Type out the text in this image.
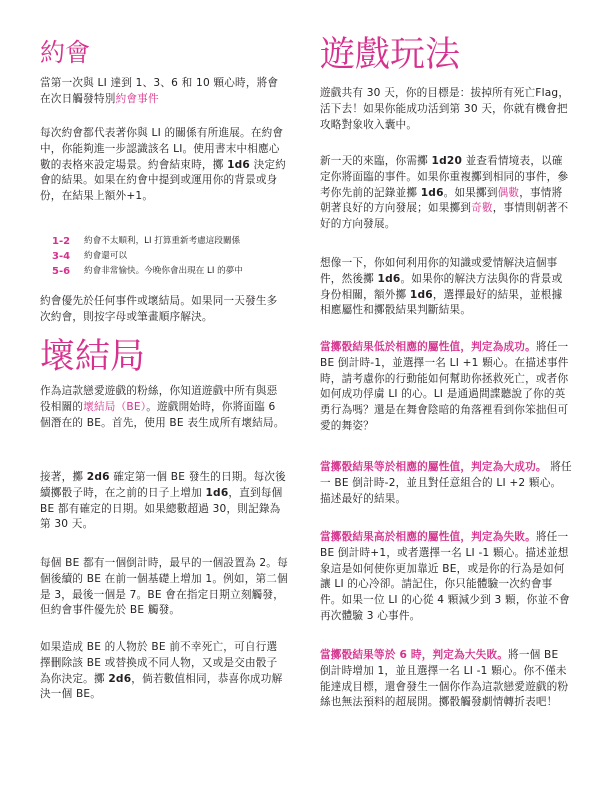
約會

當第一次與 LI 達到 1、3、6 和 10 顆心時，將會在次日觸發特別約會事件

每次約會都代表著你與 LI 的關係有所進展。在約會中，你能夠進一步認識該名 LI。使用書末中相應心數的表格來設定場景。約會結束時，擲 1d6 決定約會的結果。如果在約會中提到或運用你的背景或身份，在結果上額外+1。

1-2	約會不太順利，LI 打算重新考慮這段關係
3-4	約會還可以
5-6	約會非常愉快。今晚你會出現在 LI 的夢中

約會優先於任何事件或壞結局。如果同一天發生多次約會，則按字母或筆畫順序解決。

壞結局

作為這款戀愛遊戲的粉絲，你知道遊戲中所有與惡役相關的壞結局（BE）。遊戲開始時，你將面臨 6 個潛在的 BE。首先，使用 BE 表生成所有壞結局。

接著，擲 2d6 確定第一個 BE 發生的日期。每次後續擲骰子時，在之前的日子上增加 1d6，直到每個 BE 都有確定的日期。如果總數超過 30，則記錄為第 30 天。

每個 BE 都有一個倒計時，最早的一個設置為 2。每個後續的 BE 在前一個基礎上增加 1。例如，第二個是 3，最後一個是 7。BE 會在指定日期立刻觸發，但約會事件優先於 BE 觸發。

如果造成 BE 的人物於 BE 前不幸死亡，可自行選擇刪除該 BE 或替換成不同人物，又或是交由骰子為你決定。擲 2d6，倘若數值相同，恭喜你成功解決一個 BE。

遊戲玩法

遊戲共有 30 天，你的目標是：拔掉所有死亡Flag，活下去！如果你能成功活到第 30 天，你就有機會把攻略對象收入囊中。

新一天的來臨，你需擲 1d20 並查看情境表，以確定你將面臨的事件。如果你重複擲到相同的事件，參考你先前的記錄並擲 1d6。如果擲到偶數，事情將朝著良好的方向發展；如果擲到奇數，事情則朝著不好的方向發展。

想像一下，你如何利用你的知識或愛情解決這個事件，然後擲 1d6。如果你的解決方法與你的背景或身份相關，額外擲 1d6，選擇最好的結果，並根據相應屬性和擲骰結果判斷結果。

當擲骰結果低於相應的屬性值，判定為成功。將任一 BE 倒計時-1，並選擇一名 LI +1 顆心。在描述事件時，請考慮你的行動能如何幫助你拯救死亡，或者你如何成功俘虜 LI 的心。LI 是通過間諜聽說了你的英勇行為嗎？還是在舞會陰暗的角落裡看到你笨拙但可愛的舞姿？

當擲骰結果等於相應的屬性值，判定為大成功。 將任一 BE 倒計時-2，並且對任意組合的 LI +2 顆心。描述最好的結果。

當擲骰結果高於相應的屬性值，判定為失敗。將任一 BE 倒計時+1，或者選擇一名 LI -1 顆心。描述並想象這是如何使你更加靠近 BE，或是你的行為是如何讓 LI 的心冷卻。請記住，你只能體驗一次約會事件。如果一位 LI 的心從 4 顆減少到 3 顆，你並不會再次體驗 3 心事件。

當擲骰結果等於 6 時，判定為大失敗。將一個 BE 倒計時增加 1，並且選擇一名 LI -1 顆心。你不僅未能達成目標，還會發生一個你作為這款戀愛遊戲的粉絲也無法預料的超展開。擲骰觸發劇情轉折表吧！
